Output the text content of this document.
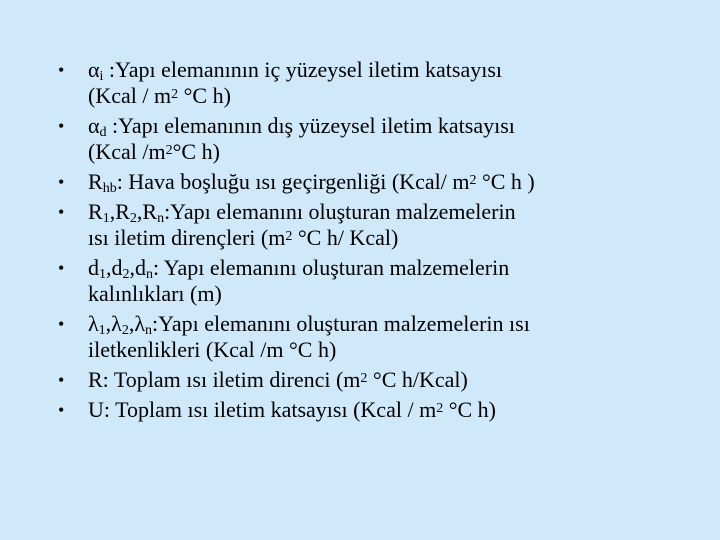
• $\alpha_i$ :Yapı elemanının iç yüzeysel iletim katsayısı
(Kcal / $m^2$ °C h)
• $\alpha_d$ :Yapı elemanının dış yüzeysel iletim katsayısı
(Kcal $/m^2^\circ C$ h)
• $R_{hb}$: Hava boşluğu ısı geçirgenliği (Kcal/ $m^2$ °C h )
• $R_1,R_2,R_n:Yapı$ elemanını oluşturan malzemelerin
ısı iletim dirençleri ($m^2$ °C h/ Kcal)
• $d_1,d_2,d_n$: Yapı elemanını oluşturan malzemelerin
kalınlıkları (m)
• $\lambda_1,\lambda_2,\lambda_n:Yapı$ elemanını oluşturan malzemelerin ısı
iletkenlikleri (Kcal /m °C h)
• R: Toplam ısı iletim direnci ($m^2$ °C h/Kcal)
• U: Toplam ısı iletim katsayısı (Kcal / $m^2$ °C h)
